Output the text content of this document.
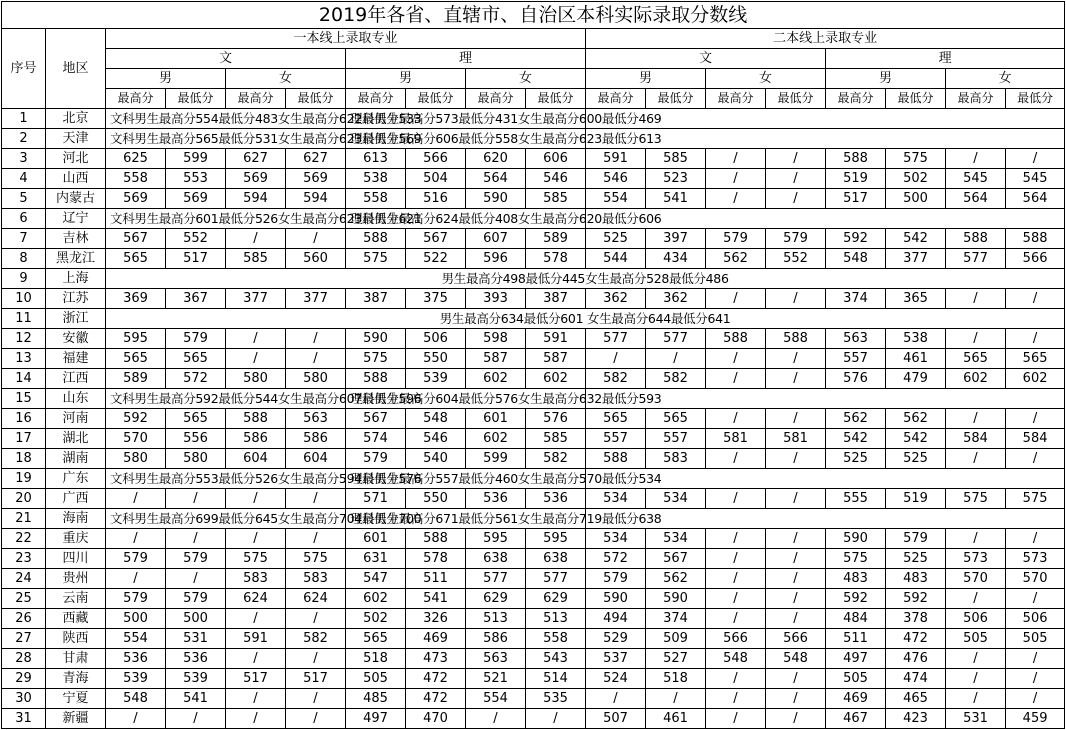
2019年各省、直辖市、自治区本科实际录取分数线																	
序号	地区	一本线上录取专业								二本线上录取专业							
		文				理				文				理			
		男		女		男		女		男		女		男		女	
		最高分	最低分	最高分	最低分	最高分	最低分	最高分	最低分	最高分	最低分	最高分	最低分	最高分	最低分	最高分	最低分
1	北京	文科男生最高分554最低分483女生最高分622最低分533				理科男生最高分573最低分431女生最高分600最低分469											
2	天津	文科男生最高分565最低分531女生最高分623最低分569				理科男生最高分606最低分558女生最高分623最低分613											
3	河北	625	599	627	627	613	566	620	606	591	585	/	/	588	575	/	/
4	山西	558	553	569	569	538	504	564	546	546	523	/	/	519	502	545	545
5	内蒙古	569	569	594	594	558	516	590	585	554	541	/	/	517	500	564	564
6	辽宁	文科男生最高分601最低分526女生最高分623最低分621				理科男生最高分624最低分408女生最高分620最低分606											
7	吉林	567	552	/	/	588	567	607	589	525	397	579	579	592	542	588	588
8	黑龙江	565	517	585	560	575	522	596	578	544	434	562	552	548	377	577	566
9	上海	男生最高分498最低分445女生最高分528最低分486															
10	江苏	369	367	377	377	387	375	393	387	362	362	/	/	374	365	/	/
11	浙江	男生最高分634最低分601 女生最高分644最低分641															
12	安徽	595	579	/	/	590	506	598	591	577	577	588	588	563	538	/	/
13	福建	565	565	/	/	575	550	587	587	/	/	/	/	557	461	565	565
14	江西	589	572	580	580	588	539	602	602	582	582	/	/	576	479	602	602
15	山东	文科男生最高分592最低分544女生最高分607最低分596				理科男生最高分604最低分576女生最高分632最低分593											
16	河南	592	565	588	563	567	548	601	576	565	565	/	/	562	562	/	/
17	湖北	570	556	586	586	574	546	602	585	557	557	581	581	542	542	584	584
18	湖南	580	580	604	604	579	540	599	582	588	583	/	/	525	525	/	/
19	广东	文科男生最高分553最低分526女生最高分594最低分576				理科男生最高分557最低分460女生最高分570最低分534											
20	广西	/	/	/	/	571	550	536	536	534	534	/	/	555	519	575	575
21	海南	文科男生最高分699最低分645女生最高分704最低分700				理科男生最高分671最低分561女生最高分719最低分638											
22	重庆	/	/	/	/	601	588	595	595	534	534	/	/	590	579	/	/
23	四川	579	579	575	575	631	578	638	638	572	567	/	/	575	525	573	573
24	贵州	/	/	583	583	547	511	577	577	579	562	/	/	483	483	570	570
25	云南	579	579	624	624	602	541	629	629	590	590	/	/	592	592	/	/
26	西藏	500	500	/	/	502	326	513	513	494	374	/	/	484	378	506	506
27	陕西	554	531	591	582	565	469	586	558	529	509	566	566	511	472	505	505
28	甘肃	536	536	/	/	518	473	563	543	537	527	548	548	497	476	/	/
29	青海	539	539	517	517	505	472	521	514	524	518	/	/	505	474	/	/
30	宁夏	548	541	/	/	485	472	554	535	/	/	/	/	469	465	/	/
31	新疆	/	/	/	/	497	470	/	/	507	461	/	/	467	423	531	459
